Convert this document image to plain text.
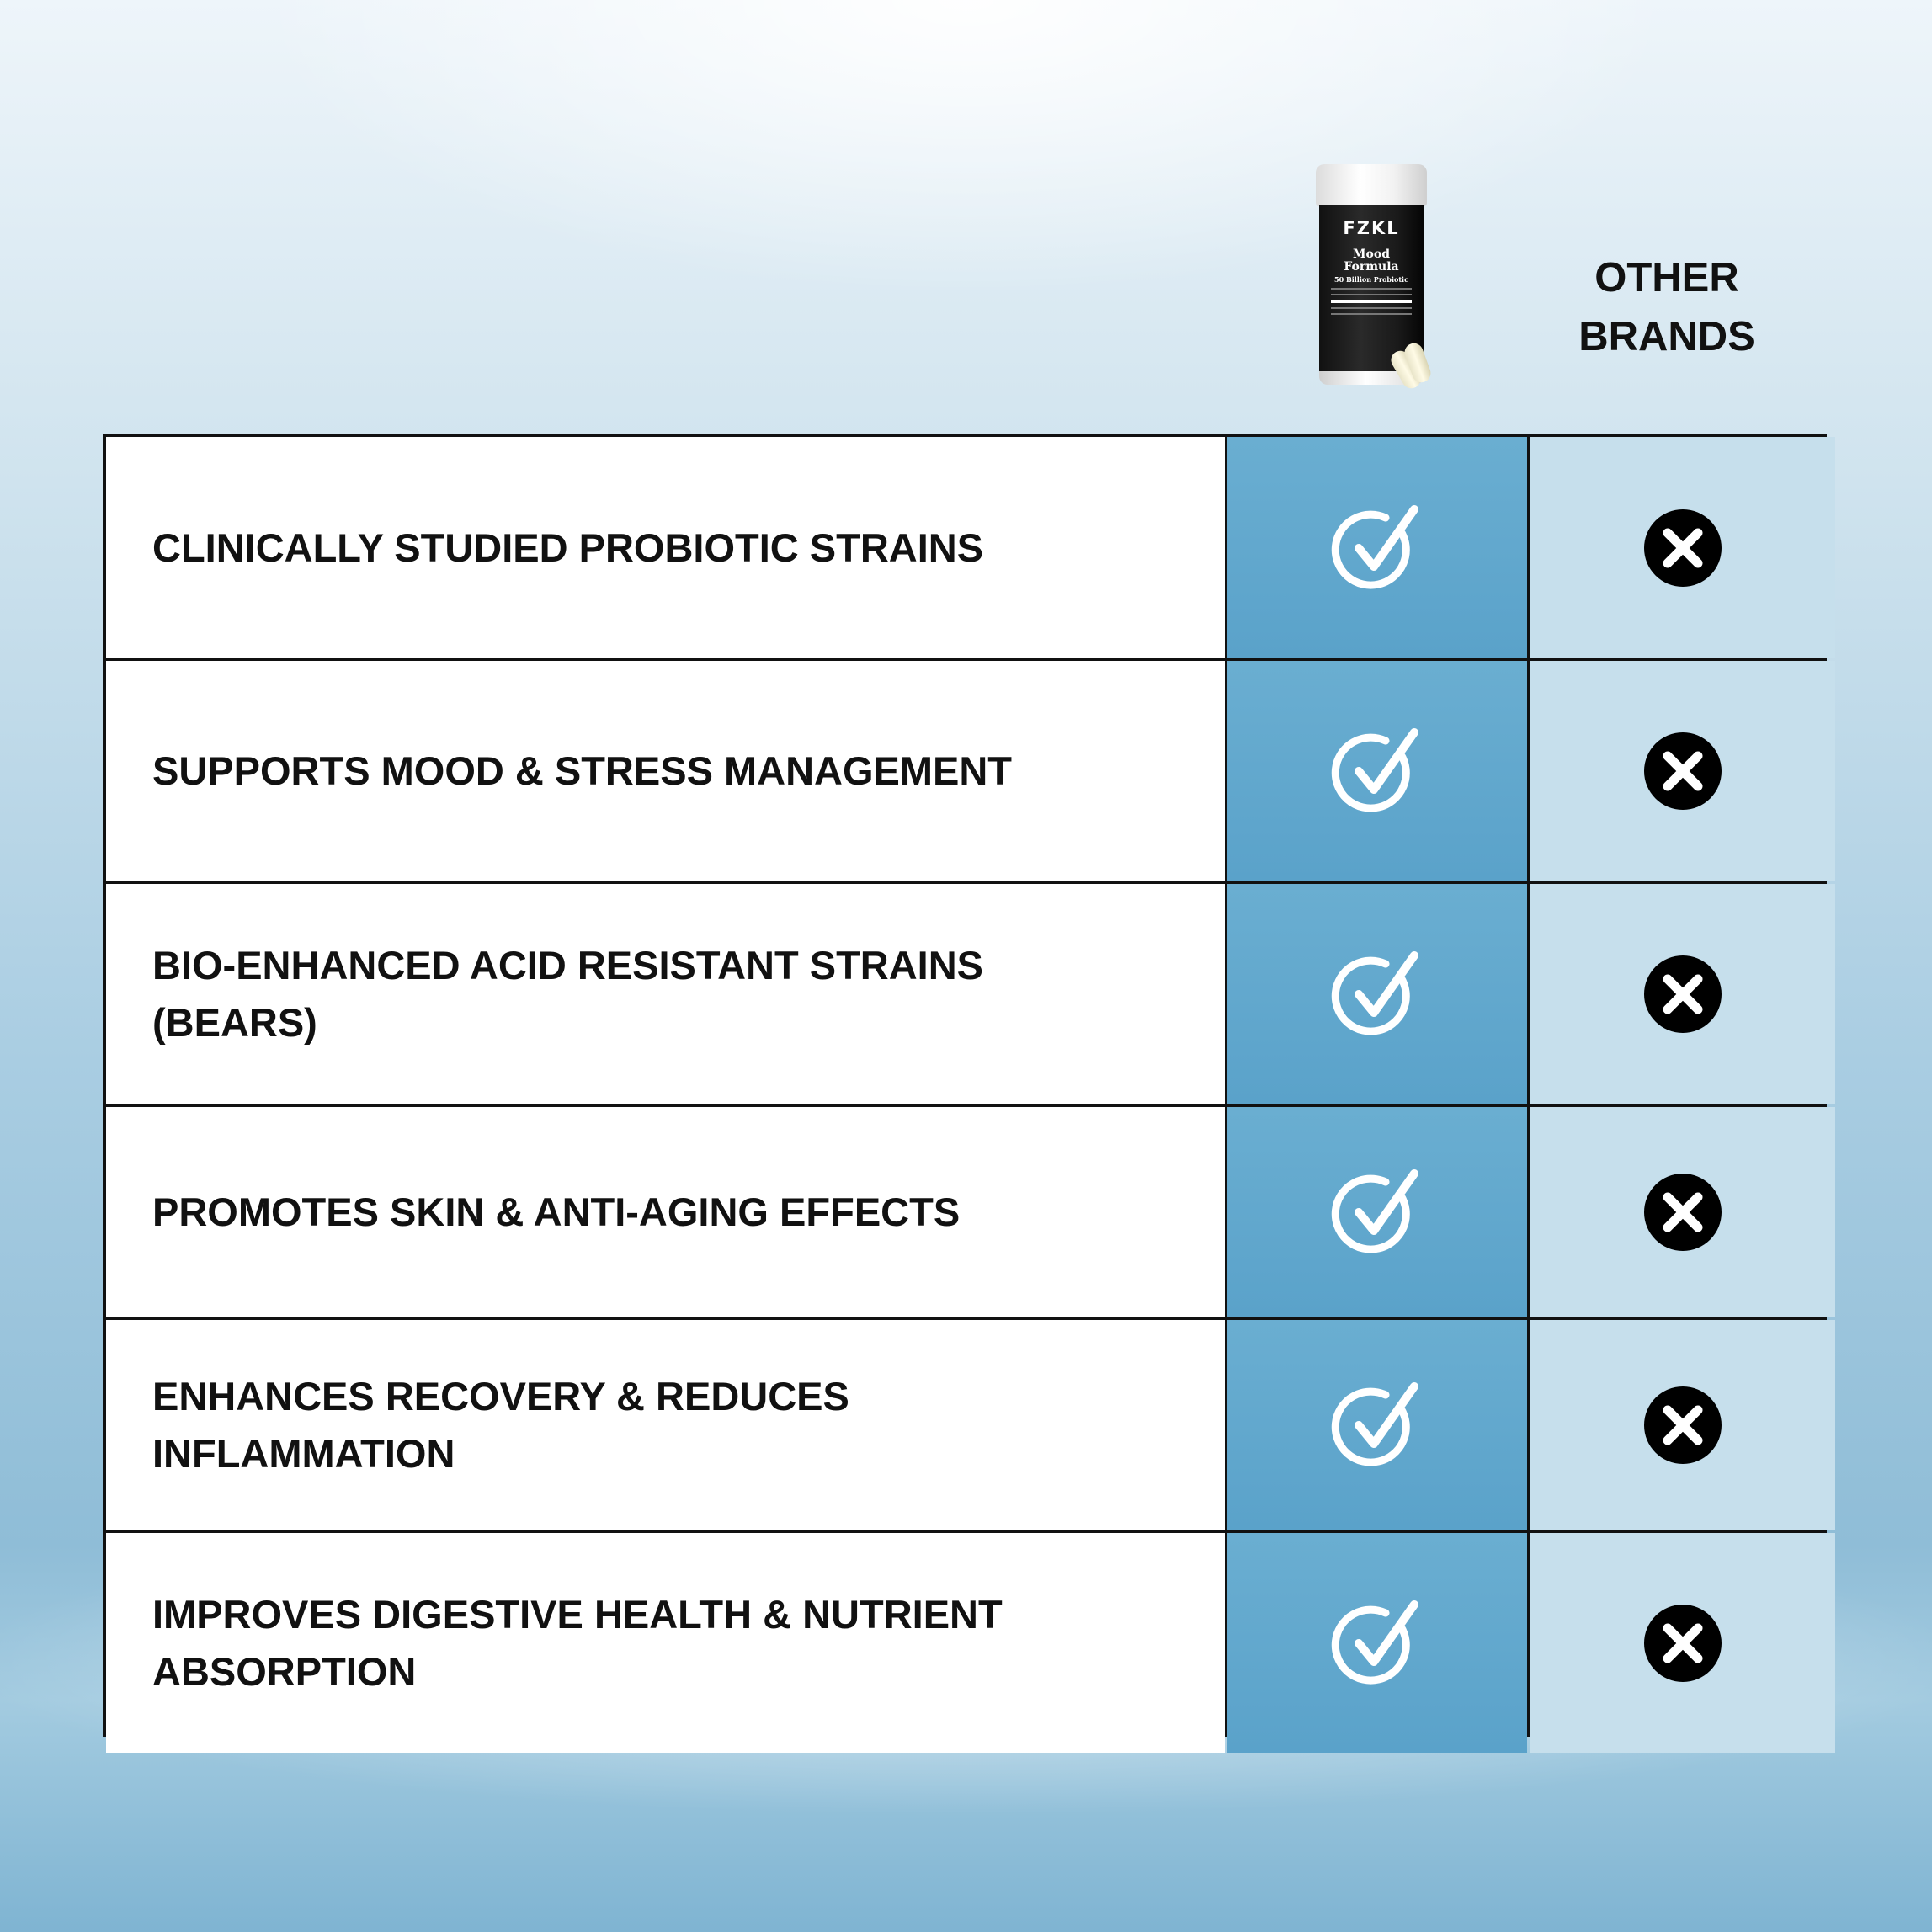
FZKL
Mood
Formula
50 Billion Probiotic	OTHER
BRANDS
CLINICALLY STUDIED PROBIOTIC STRAINS
SUPPORTS MOOD & STRESS MANAGEMENT
BIO-ENHANCED ACID RESISTANT STRAINS
(BEARS)
PROMOTES SKIN & ANTI-AGING EFFECTS
ENHANCES RECOVERY & REDUCES
INFLAMMATION
IMPROVES DIGESTIVE HEALTH & NUTRIENT
ABSORPTION
